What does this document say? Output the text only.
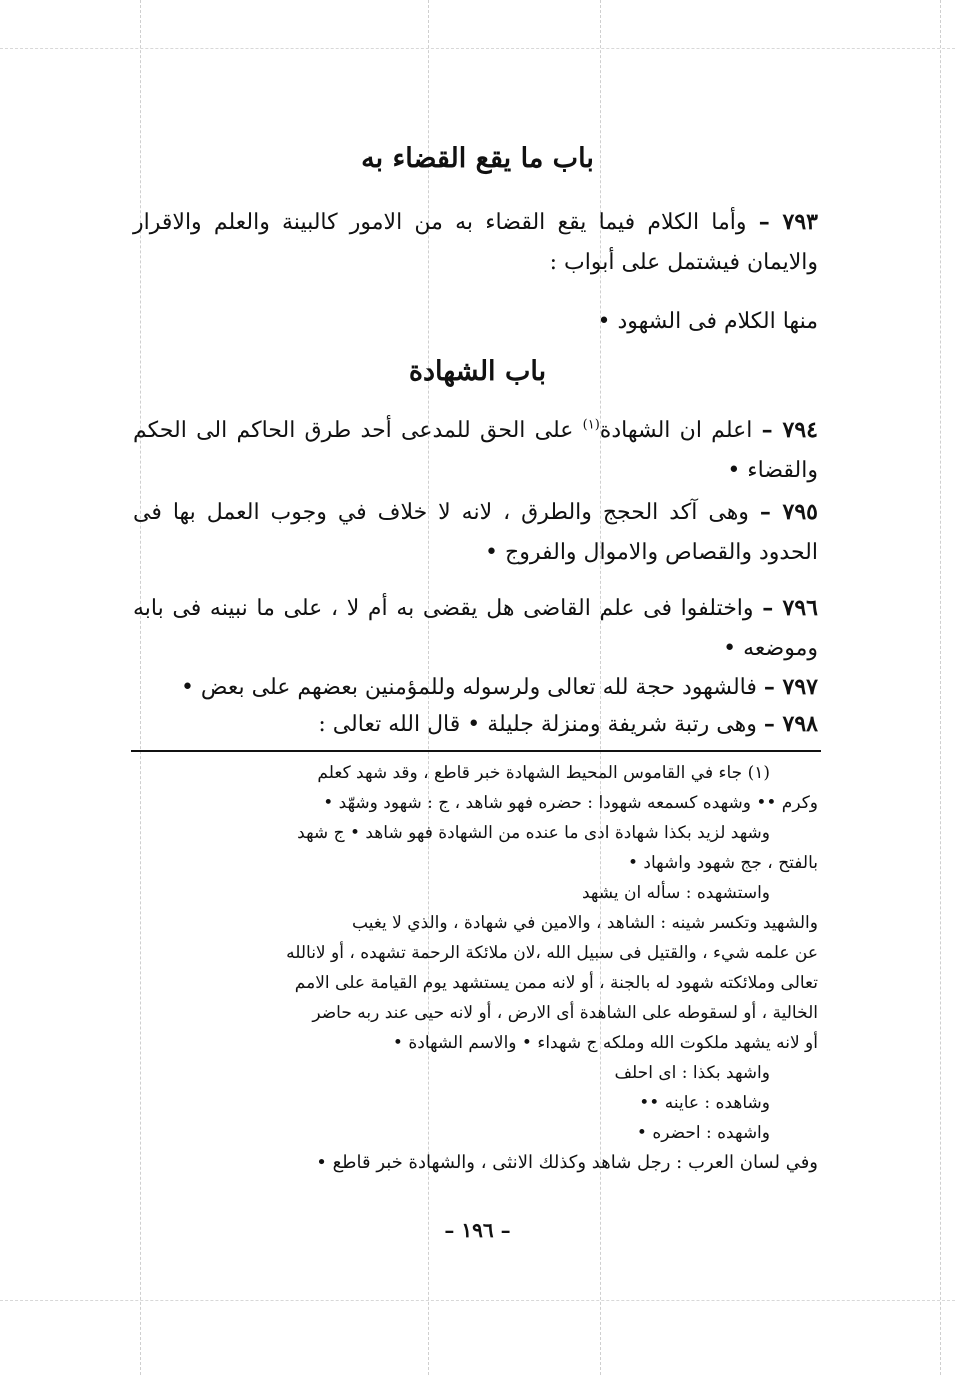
باب ما يقع القضاء به
٧٩٣ – وأما الكلام فيما يقع القضاء به من الامور كالبينة والعلم والاقرار والايمان فيشتمل على أبواب :
منها الكلام فى الشهود •
باب الشهادة
٧٩٤ – اعلم ان الشهادة$^{(١)}$ على الحق للمدعى أحد طرق الحاكم الى الحكم والقضاء •
٧٩٥ – وهى آكد الحجج والطرق ، لانه لا خلاف في وجوب العمل بها فى الحدود والقصاص والاموال والفروج •
٧٩٦ – واختلفوا فى علم القاضى هل يقضى به أم لا ، على ما نبينه فى بابه وموضعه •
٧٩٧ – فالشهود حجة لله تعالى ولرسوله وللمؤمنين بعضهم على بعض •
٧٩٨ – وهى رتبة شريفة ومنزلة جليلة • قال الله تعالى :
(١) جاء في القاموس المحيط الشهادة خبر قاطع ، وقد شهد كعلم
وكرم •• وشهده كسمعه شهودا : حضره فهو شاهد ، ج : شهود وشهّد •
وشهد لزيد بكذا شهادة ادى ما عنده من الشهادة فهو شاهد • ج شهد
بالفتح ، جج شهود واشهاد •
واستشهده : سأله ان يشهد
والشهيد وتكسر شينه : الشاهد ، والامين في شهادة ، والذي لا يغيب
عن علمه شيء ، والقتيل فى سبيل الله ،لان ملائكة الرحمة تشهده ، أو لانالله
تعالى وملائكته شهود له بالجنة ، أو لانه ممن يستشهد يوم القيامة على الامم
الخالية ، أو لسقوطه على الشاهدة أى الارض ، أو لانه حيى عند ربه حاضر
أو لانه يشهد ملكوت الله وملكه ج شهداء • والاسم الشهادة •
واشهد بكذا : اى احلف
وشاهده : عاينه ••
واشهده : احضره •
وفي لسان العرب : رجل شاهد وكذلك الانثى ، والشهادة خبر قاطع •
– ١٩٦ –
